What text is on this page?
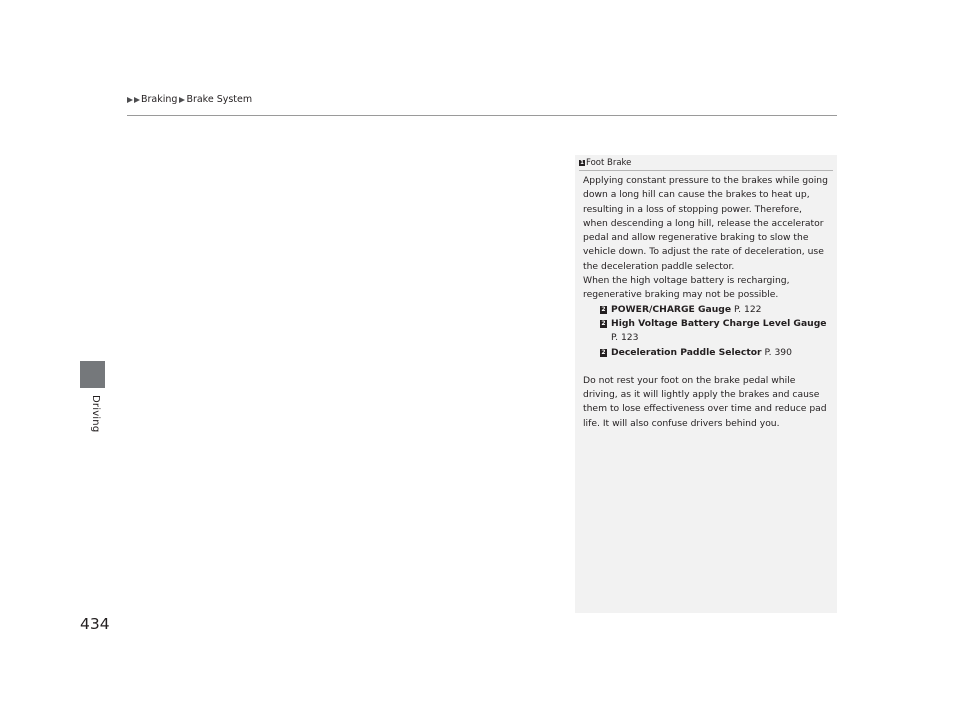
Braking Brake System
Driving
434
1 Foot Brake

Applying constant pressure to the brakes while going down a long hill can cause the brakes to heat up, resulting in a loss of stopping power. Therefore, when descending a long hill, release the accelerator pedal and allow regenerative braking to slow the vehicle down. To adjust the rate of deceleration, use the deceleration paddle selector.

When the high voltage battery is recharging, regenerative braking may not be possible.

2 POWER/CHARGE Gauge P. 122
2 High Voltage Battery Charge Level Gauge
P. 123
2 Deceleration Paddle Selector P. 390

Do not rest your foot on the brake pedal while driving, as it will lightly apply the brakes and cause them to lose effectiveness over time and reduce pad life. It will also confuse drivers behind you.
